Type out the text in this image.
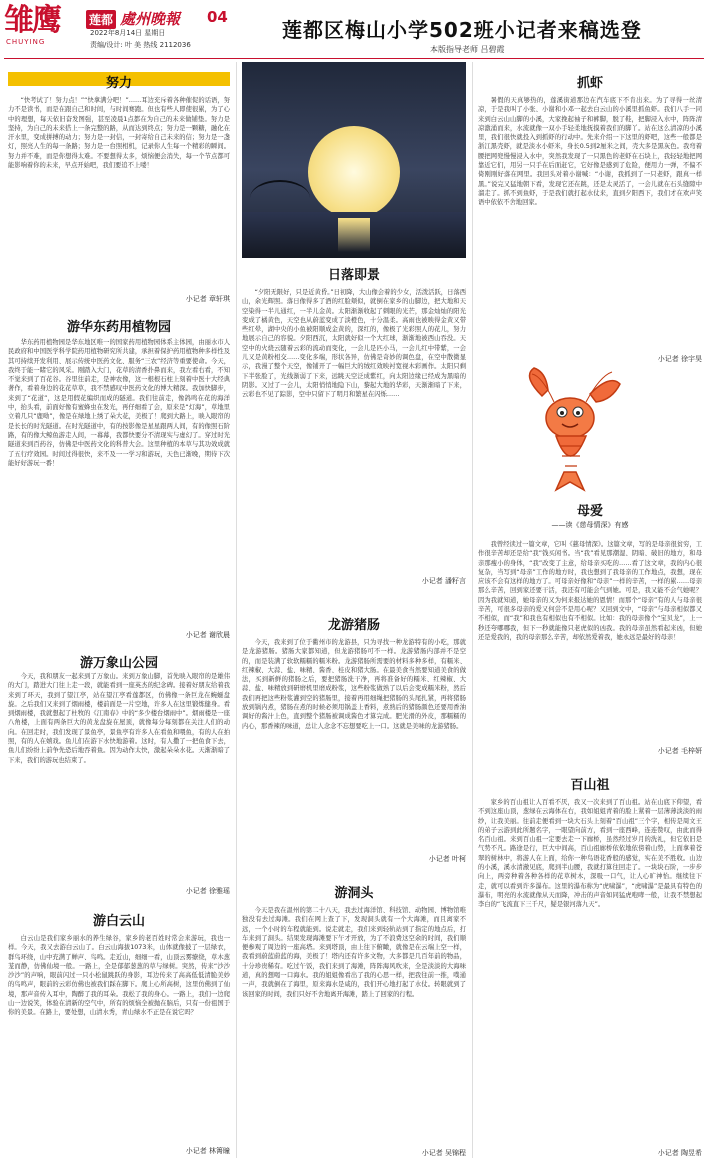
雏鹰
CHUYING
莲都 處州晚報 04
2022年8月14日 星期日
责编/设计: 叶 美 热线 2112036
莲都区梅山小学502班小记者来稿选登
本版指导老师 吕碧霞
努力

“快考试了！努力点！”“快拿满分吧！”……耳边充斥着各种催促的话语，努力不是读书，而是在跟自己和时间，与时间赛跑。但也有些人即使很累，为了心中的理想，每天依旧奋发图强，甚至凌晨1点都在为自己的未来做铺垫。努力是坚持，为自己的未来搭上一条完整的路，从而达到终点；努力是一颗糖，融化在汗水里，变成拼搏的动力；努力是一封信，一封寄给自己未来的信；努力是一盏灯，照亮人生的每一条路；努力是一台照相机，记录你人生每一个精彩的瞬间。努力并不难，而是你想得太难。不要想得太多，烦恼便会消失，每一个节点都可能影响着你的未来，早点开始吧，我们要追不上喽！

小记者 章轩琪
游华东药用植物园

华东药用植物园是华东地区唯一的国家药用植物园体系主体园，由丽水市人民政府和中国医学科学院药用植物研究所共建，承担着保护药用植物种多样性及其可持续开发利用、展示传统中医药文化、服务“三农”经济等重要使命。今天，我终于能一睹它的风采。刚踏入大门，花草的清香扑鼻而来，我左看右看，不知不觉来到了百花谷。谷里往前走，是神农像，这一根根石柱上刻着中医十大经典著作，看着身边的花花草草，我不禁感叹中医药文化的博大精深。我加快脚步，来到了“花道”，这是用假花编织而成的隧道。我们往前走，像鸽鸣在花的海洋中，抬头看，前面好像有蜜蜂虫在发光，再仔细看了会，原来是“灯海”，草地里立着几只“鹿呦”，像是在绿地上绣了朵大花，美极了！爬到大路上，映入眼帘的是长长的时光隧道。在时光隧道中，有的按影像是星星跟两人间，有的像照石阶路，有的像大鲸鱼游走人间，一幕幕，我都快要分不清现实与虚幻了。穿过时光隧道来到百药谷，仿佛是中医药文化的科普大会。这里种植的本草与其功效成就了五行疗效园。时间过得很快，来不及一一学习和游玩，天色已渐晚，期待下次能好好游玩一番！

小记者 谢欣晨
游万象山公园

今天，我和朋友一起来到了万象山。来到万象山脚，首先映入眼帘的是雄伟的大门，踏进大门往上走一段，就能看到一座英杰的纪念碑。接着好朋友给着我来到了环天，我到了望江亭，站在望江亭看莲都区，仿佛像一条巨龙在蜿蜒盘旋。之后我们又来到了烟雨楼，楼前面是一片空地，许多人在这里锻炼健身。看到烟雨楼，我就想起了杜牧的《江南春》中的“多少楼台烟雨中”。烟雨楼是一座八角楼，上面有两条巨大的黄龙盘旋在屋顶，就像每分每刻都在关注人们的动向。在回走时，我们发现了景鱼亭，景鱼亭有许多人在看鱼和喂鱼，有的人在拍照，有的人在嬉戏。鱼儿们在游下水快地游着。这时，有人撒了一把鱼食下去，鱼儿们纷纷上前争先恐后地吞着鱼。因为动作太快，激起朵朵水花。天渐渐暗了下来，我们的游玩也结束了。

小记者 徐雅瑶
游白云山

白云山是我们家乡丽水的养生绿谷，家乡的老百姓时常会来游玩，我也一样。今天，我又去游白云山了。白云山海拔1073米，山体就像披了一层绿衣，群鸟环绕，山中充满了蝉声、鸟鸣。走近山，细细一看，山顶云雾缭绕，草木葱茏而静，仿佛仙境一般。一路上，全是郁郁葱葱的草与绿树。突然，传来“沙沙沙沙”的声响，眼前闪过一只小松鼠跳跃的身影，耳边传来了高高低低清脆美妙的鸟鸣声，眼前的云彩仿佛也被我们踩在脚下。爬上心所高树，这里仿佛到了仙境，那声音传入耳中，陶醉了我的耳朵。我松了我的身心。一路上，我们一边爬山一边说笑，体验在清新的空气中，所有的烦恼全被抛在脑后，只有一份祖国于你的美景。在路上，要处想，山清水秀，青山绿水不正是在说它吗？

小记者 林箐瞳
日落即景

“夕阳无限好，只是近黄昏。”日初降，大山像会着的少女，活泼活跃，日落西山，余光辉照。落日像得多了酒的红脸颊似，就倒在家乡的山脚边，把大地和天空染得一半儿通红，一半儿金黄。太阳渐渐收起了刺眼的光芒，那金灿灿的阳光变成了橘黄色，天空也从蔚蓝变成了淡橙色，十分温柔。高雨也被映得金黄又带些红晕，湖中央的小鱼被阳顺成金黄的，深红的，像极了光彩照人的花儿，努力地展示自己的容貌。夕阳西沉，太阳就好似一个大红球，渐渐地被西山吞没。天空中的火烧云随着云彩的流动而变化，一会儿是匹小马，一会儿红中带紫，一会儿又是黄粉相交……变化多端，形状各异，仿佛是奇妙的调色盘，在空中散微显示，我漫了整个天空，像铺开了一幅巨大的绒红效映衬宽视木彩画作。太阳只剩下半张脸了，光线渐弱了下来，远眺天空泛成紫红，向太阳边缘已经成为黑暗的阴影。又过了一会儿，太阳悄悄地隐下山，黎起大地的华彩，天渐渐暗了下来，云彩也不见了踪影，空中只留下了明月和繁星在闪烁……

小记者 潘籽言
龙游猪肠

今天，我来到了位于衢州市的龙游县，只为寻找一种龙游特有的小吃，那就是龙游猪肠。猪肠大家都知道，但龙游猪肠可不一样。龙游猪肠内部并不是空的，而是装满了软软糯糯的糯米粉。龙游猪肠所需要的材料多种多样，有糯米、红辣椒、大蒜、盐、味精、酱香、桂皮和猪大肠。在最美食当然要知道美食的做法，买到新鲜的猪肠之后，要把猪肠洗干净，再将准备好的糯米、红辣椒、大蒜、盐、味精放到研磨机里磨成粉浆，这些粉浆做熟了以后会变成糯米粉，然后我们再把这些粉浆灌到空的猪肠里，接着再用细绳把猪肠的头尾扎紧，再将猪肠放到锅内煮，猪肠在煮的时候必须用锅盖上香料，煮熟后的猪肠颜色还要用香油调好的酱汁上色，直到整个猪肠被调成酱色才算完成。肥光滑的外皮，那糯糯的内心，那香辣的味道，总让人念念不忘想要吃上一口。这就是美味的龙游猪肠。

小记者 叶柯
游洞头

今天是我在温州的第二十八天，我去过海洋馆、科技馆、动物园、博物馆唯独没有去过海滩。我们在网上查了下，发现洞头就有一个大海滩，而且离家不远，一个小时的车程就能到。说走就走，我们来到轻轨站到了指定的地点后，打车来到了洞头。结果发现海滩要下午才开放，为了不浪费这空余的时间，我们顺便参观了周边的一座高塔。来到塔顶，由上往下俯瞰，就像是在云端上空一样，我看到蔚蓝蔚蓝的海，美极了！塔内还有许多文物，大多都是几百年前的物品，十分珍贵稀有。吃过午饭，我们来到了海滩，阵阵海风吹来，全是淡淡的大海味道，真的想喝一口海水。我的姐姐像看出了我的心思一样，把我往前一推，噗通一声，我就倒在了海里，原来海水是咸的，我们开心地打起了水仗。转眼就到了该回家的时间，我们只好不舍地离开海滩，踏上了回家的行程。

小记者 吴锦程
抓虾

暑假的天真够热的，莲溪街道那边在汽车底下不肯出来。为了寻得一丝清凉，于是我叫了小张、小谢和小邓一起去白云山的小溪里抓鱼虾。我们八手一同来到白云山山脚的小溪，大家挽起袖子和裤脚，脱了鞋，把脚浸入水中，阵阵清凉激涌而来，水流就像一双小手轻柔地抚摸着我们的脚丫。站在这么清凉的小溪里，我们很快就投入到抓虾的行动中。先来介绍一下这里的虾吧，这些一般都是浙江黑壳虾，就是淡水小虾米，身长0.5到2厘米之间，壳大多是黑灰色。我弯着腰把网兜慢慢浸入水中，突然我发现了一只黑色的老虾在石块上，我轻轻地把网靠近它们，用另一只手在后面赶它，它好像是感到了危险，便用力一弹，不偏不倚刚刚好落在网里。我回头对着小谢喊：“小谢，我抓到了一只老虾，跟真一样黑。”说完又猛地朝下看，发现它还在跳，还是太灵活了，一会儿就在石头缝隙中溜走了。抓不到鱼虾，于是我们就打起水仗来，直到夕阳西下，我们才在欢声笑语中依依不舍地回家。

小记者 徐宇昊
母爱
——读《慈母情深》有感

我曾经读过一篇文章，它叫《慈母情深》。这篇文章，写的是母亲很贫穷，工作很辛苦却还是给“我”钱买闲书。当“我”看见那潮湿、阴暗、破旧的地方，和母亲那瘦小的身体，“我”改变了主意，给母亲买吃的……看了这文章，我的内心很复杂，当写到“母亲”工作的地方时，我也想到了我母亲的工作地点，我想，现在应该不会有这样的地方了。可母亲好像和“母亲”一样的辛苦，一样的累……母亲那么辛苦，回到家还要干活，我还有可能会气到她。可是，我又能不会气她呢？因为我就知道，她母亲的又为何来报达她的恩情！而那个“母亲”有的人与母亲很辛苦，可很多母亲的爱又何尝不是用心呢？又回到文中，“母亲”与母亲相似都又不相似，而“我”和我也有相似也有不相似。比如：我的母亲像个“宝贝龙”，上一秒还夸哪哪我，但下一秒就能像只老虎似的凶我。我的母亲虽然看起来凶，但她还是爱我的，我的母亲那么辛苦，却依然爱着我，她永远是最好的母亲！

小记者 毛梓妍
百山祖

家乡的百山祖让人百看不厌，我又一次来到了百山祖。站在山底下仰望，看不到这座山顶，葱绿在云海体在右，我如姐姐青着的脸上紧着一层薄薄淡淡的雨纱，让我美丽。往前走便看到一块大石头上刻着“百山祖”三个字，相传是周文王的弟子云游到此所题名字，一眼望向前方，看到一座西峰，连连赞叹，由此而得名百山祖。来到百山祖一定要去走一下廊桥，虽然经过岁月的洗礼，但它依旧是气势不凡。路途是行，巨大中间高，百山祖廊桥依依地依傍着山势，上面拿着苍翠的树林中，将游人在上面，给你一种鸟语花香般的感觉，实在美不胜收。山边的小溪，溪水清澈见底，爬到半山腰，我就打算往回走了。一块块石阶，一步步向上，两旁种着各种各样的花草树木，深吸一口气，让人心旷神怡。继续往下走，就可以看到许多瀑布。这里的瀑布称为“虎啸瀑”，“虎啸瀑”是最具有特色的瀑布，明亮的水流就像从天而降，冲击的声音如同猛虎咆哮一般，让我不禁想起李白的“飞流直下三千尺，疑是银河落九天”。

小记者 陶昱希
